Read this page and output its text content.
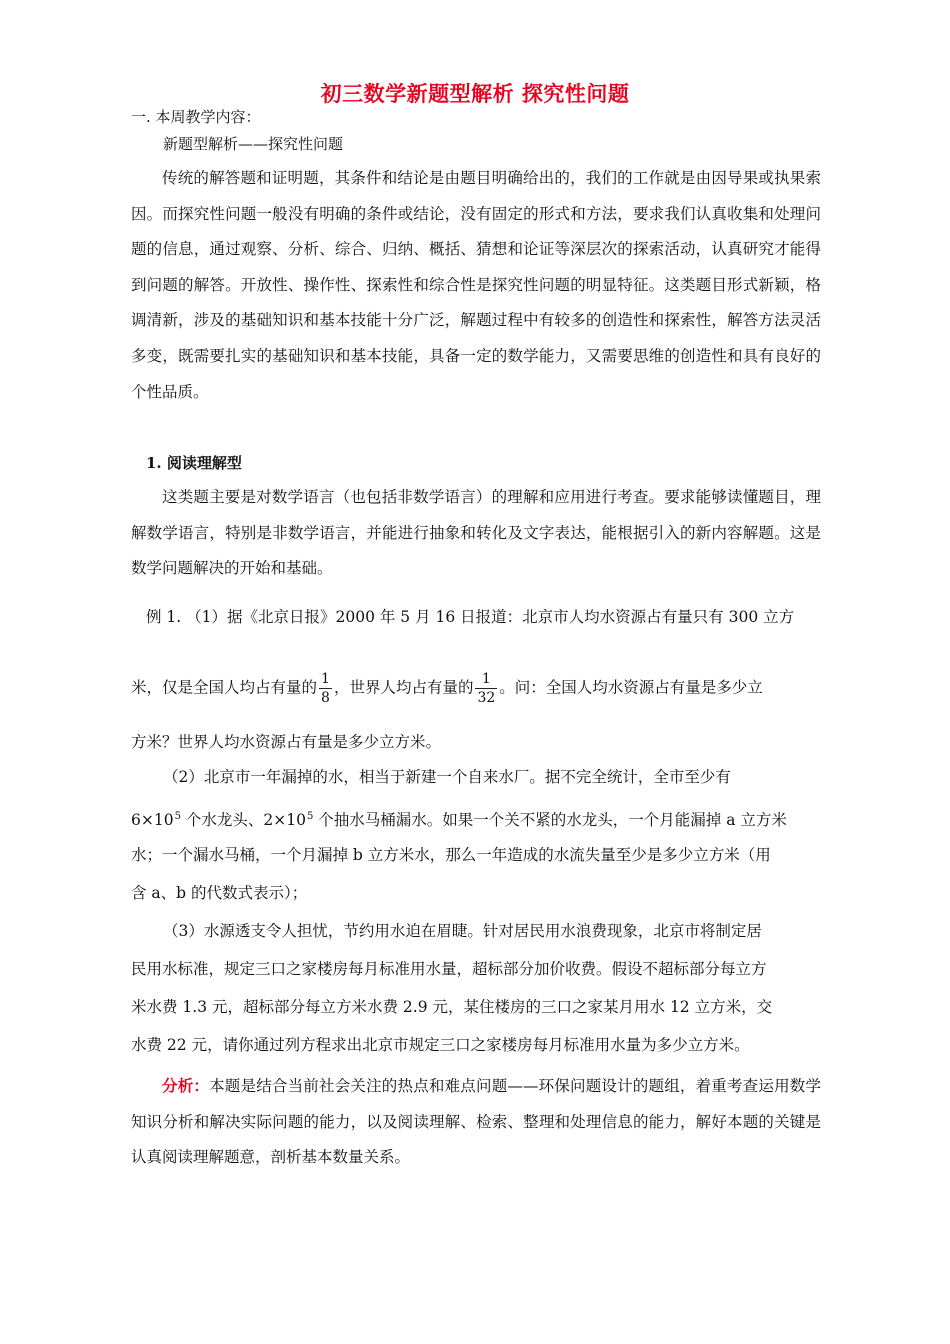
初三数学新题型解析 探究性问题
一. 本周教学内容：
新题型解析——探究性问题
传统的解答题和证明题，其条件和结论是由题目明确给出的，我们的工作就是由因导果或执果索因。而探究性问题一般没有明确的条件或结论，没有固定的形式和方法，要求我们认真收集和处理问题的信息，通过观察、分析、综合、归纳、概括、猜想和论证等深层次的探索活动，认真研究才能得到问题的解答。开放性、操作性、探索性和综合性是探究性问题的明显特征。这类题目形式新颖，格调清新，涉及的基础知识和基本技能十分广泛，解题过程中有较多的创造性和探索性，解答方法灵活多变，既需要扎实的基础知识和基本技能，具备一定的数学能力，又需要思维的创造性和具有良好的个性品质。
1. 阅读理解型
这类题主要是对数学语言（也包括非数学语言）的理解和应用进行考查。要求能够读懂题目，理解数学语言，特别是非数学语言，并能进行抽象和转化及文字表达，能根据引入的新内容解题。这是数学问题解决的开始和基础。
例 1. （1）据《北京日报》2000 年 5 月 16 日报道：北京市人均水资源占有量只有 300 立方
米，仅是全国人均占有量的 $\frac{1}{8}$ ，世界人均占有量的 $\frac{1}{32}$ 。问：全国人均水资源占有量是多少立
方米？世界人均水资源占有量是多少立方米。
（2）北京市一年漏掉的水，相当于新建一个自来水厂。据不完全统计，全市至少有
$6\times 10^5$ 个水龙头、$2\times 10^5$ 个抽水马桶漏水。如果一个关不紧的水龙头，一个月能漏掉 a 立方米
水；一个漏水马桶，一个月漏掉 b 立方米水，那么一年造成的水流失量至少是多少立方米（用
含 a、b 的代数式表示）；
（3）水源透支令人担忧，节约用水迫在眉睫。针对居民用水浪费现象，北京市将制定居
民用水标准，规定三口之家楼房每月标准用水量，超标部分加价收费。假设不超标部分每立方
米水费 1.3 元，超标部分每立方米水费 2.9 元，某住楼房的三口之家某月用水 12 立方米，交
水费 22 元，请你通过列方程求出北京市规定三口之家楼房每月标准用水量为多少立方米。
分析：本题是结合当前社会关注的热点和难点问题——环保问题设计的题组，着重考查运用数学知识分析和解决实际问题的能力，以及阅读理解、检索、整理和处理信息的能力，解好本题的关键是认真阅读理解题意，剖析基本数量关系。
